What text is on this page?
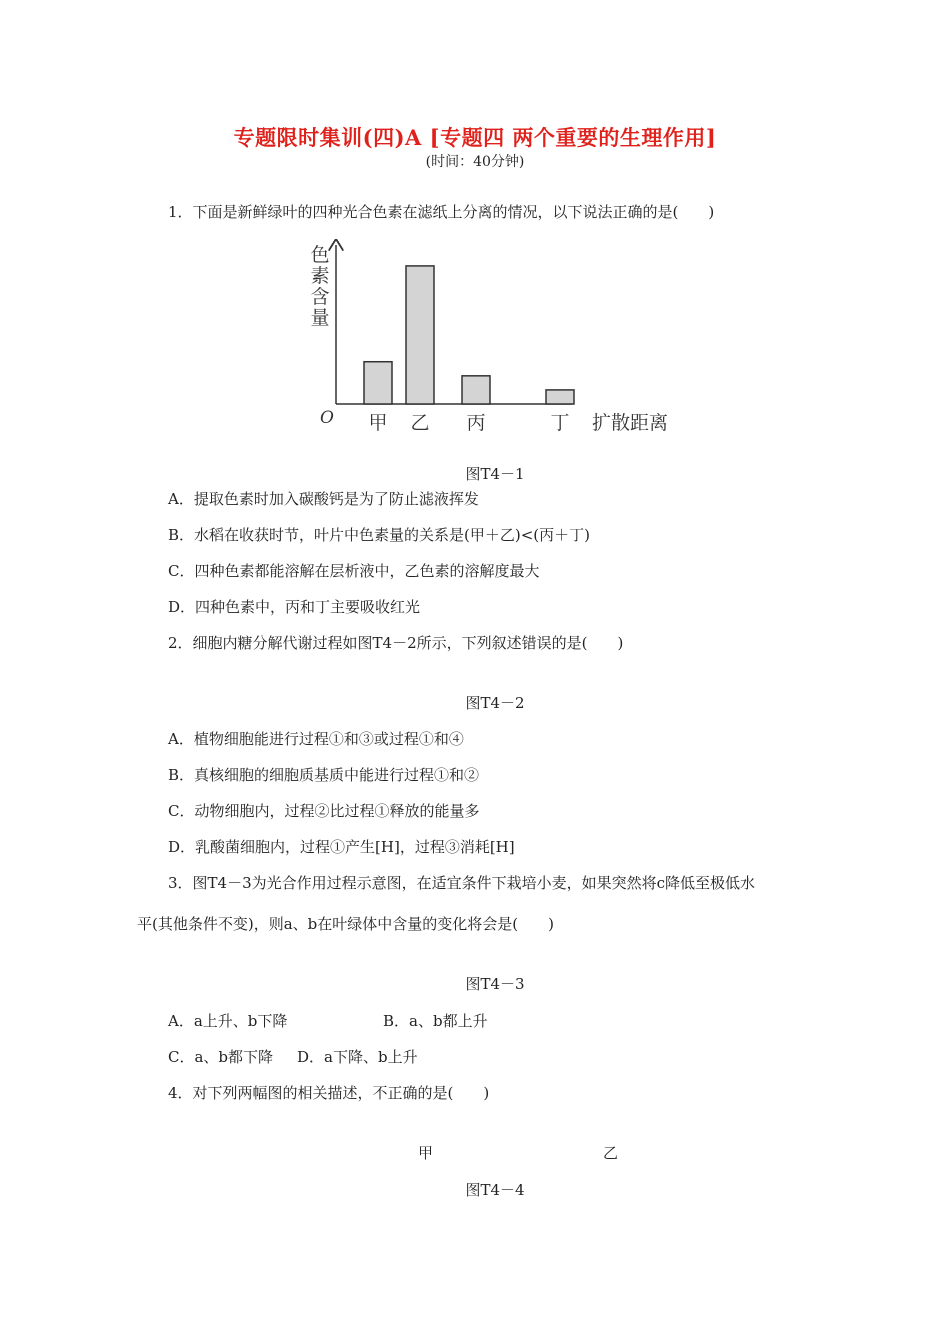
专题限时集训(四)A [专题四 两个重要的生理作用]
(时间：40分钟)
1．下面是新鲜绿叶的四种光合色素在滤纸上分离的情况，以下说法正确的是(　　)
色
素
含
量
O 甲 乙 丙	丁 扩散距离
图T4－1
A．提取色素时加入碳酸钙是为了防止滤液挥发
B．水稻在收获时节，叶片中色素量的关系是(甲＋乙)<(丙＋丁)
C．四种色素都能溶解在层析液中，乙色素的溶解度最大
D．四种色素中，丙和丁主要吸收红光
2．细胞内糖分解代谢过程如图T4－2所示，下列叙述错误的是(　　)
图T4－2
A．植物细胞能进行过程①和③或过程①和④
B．真核细胞的细胞质基质中能进行过程①和②
C．动物细胞内，过程②比过程①释放的能量多
D．乳酸菌细胞内，过程①产生[H]，过程③消耗[H]
3．图T4－3为光合作用过程示意图，在适宜条件下栽培小麦，如果突然将c降低至极低水
平(其他条件不变)，则a、b在叶绿体中含量的变化将会是(　　)
图T4－3
A．a上升、b下降	B．a、b都上升
C．a、b都下降 D．a下降、b上升
4．对下列两幅图的相关描述，不正确的是(　　)
甲	乙
图T4－4
